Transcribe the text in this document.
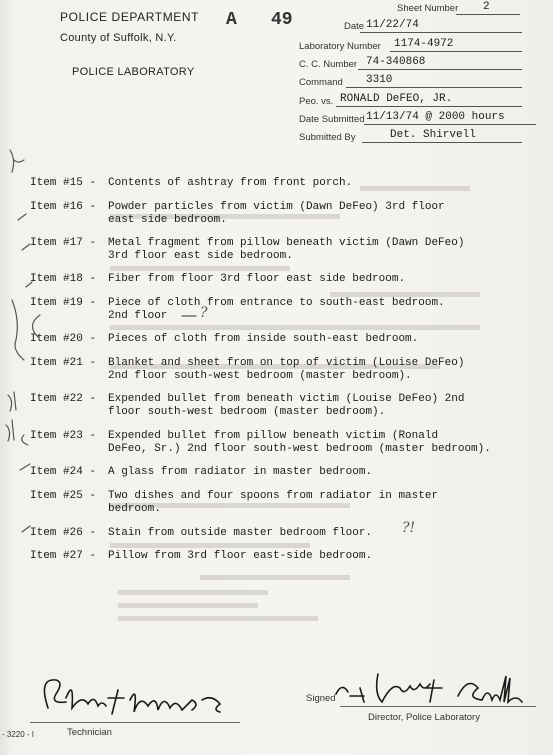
POLICE DEPARTMENT
County of Suffolk, N.Y.
POLICE LABORATORY
A 49
Sheet Number 2
Date 11/22/74
Laboratory Number 1174-4972
C. C. Number 74-340868
Command 3310
Peo. vs. RONALD DeFEO, JR.
Date Submitted 11/13/74 @ 2000 hours
Submitted By	Det. Shirvell
Item #15 - Contents of ashtray from front porch.
Item #16 - Powder particles from victim (Dawn DeFeo) 3rd floor
east side bedroom.
Item #17 - Metal fragment from pillow beneath victim (Dawn DeFeo)
3rd floor east side bedroom.
Item #18 - Fiber from floor 3rd floor east side bedroom.
Item #19 - Piece of cloth from entrance to south-east bedroom.
2nd floor
Item #20 - Pieces of cloth from inside south-east bedroom.
Item #21 - Blanket and sheet from on top of victim (Louise DeFeo)
2nd floor south-west bedroom (master bedroom).
Item #22 - Expended bullet from beneath victim (Louise DeFeo) 2nd
floor south-west bedroom (master bedroom).
Item #23 - Expended bullet from pillow beneath victim (Ronald
DeFeo, Sr.) 2nd floor south-west bedroom (master bedroom).
Item #24 - A glass from radiator in master bedroom.
Item #25 - Two dishes and four spoons from radiator in master
bedroom.
Item #26 - Stain from outside master bedroom floor.
Item #27 - Pillow from 3rd floor east-side bedroom.
?
?!
Technician
- 3220 - I
Signed
Director, Police Laboratory
